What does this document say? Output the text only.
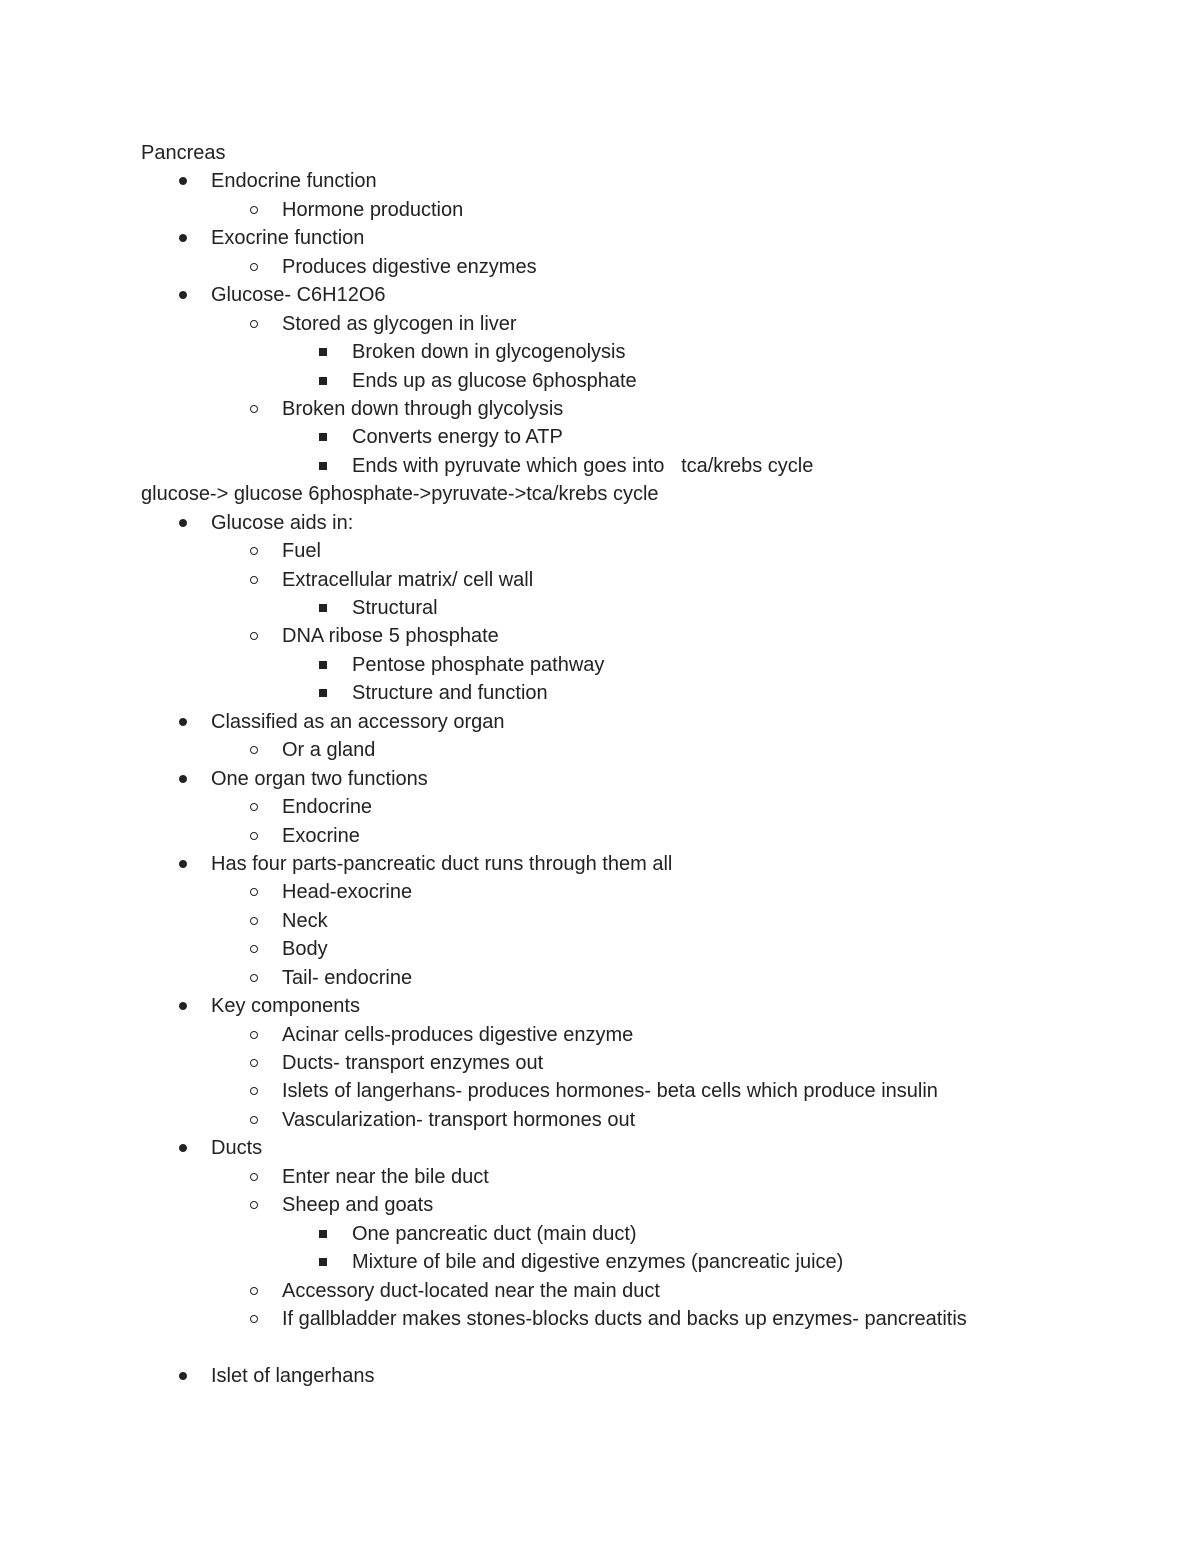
Pancreas
Endocrine function
Hormone production
Exocrine function
Produces digestive enzymes
Glucose- C6H12O6
Stored as glycogen in liver
Broken down in glycogenolysis
Ends up as glucose 6phosphate
Broken down through glycolysis
Converts energy to ATP
Ends with pyruvate which goes into   tca/krebs cycle
glucose-> glucose 6phosphate->pyruvate->tca/krebs cycle
Glucose aids in:
Fuel
Extracellular matrix/ cell wall
Structural
DNA ribose 5 phosphate
Pentose phosphate pathway
Structure and function
Classified as an accessory organ
Or a gland
One organ two functions
Endocrine
Exocrine
Has four parts-pancreatic duct runs through them all
Head-exocrine
Neck
Body
Tail- endocrine
Key components
Acinar cells-produces digestive enzyme
Ducts- transport enzymes out
Islets of langerhans- produces hormones- beta cells which produce insulin
Vascularization- transport hormones out
Ducts
Enter near the bile duct
Sheep and goats
One pancreatic duct (main duct)
Mixture of bile and digestive enzymes (pancreatic juice)
Accessory duct-located near the main duct
If gallbladder makes stones-blocks ducts and backs up enzymes- pancreatitis
Islet of langerhans
